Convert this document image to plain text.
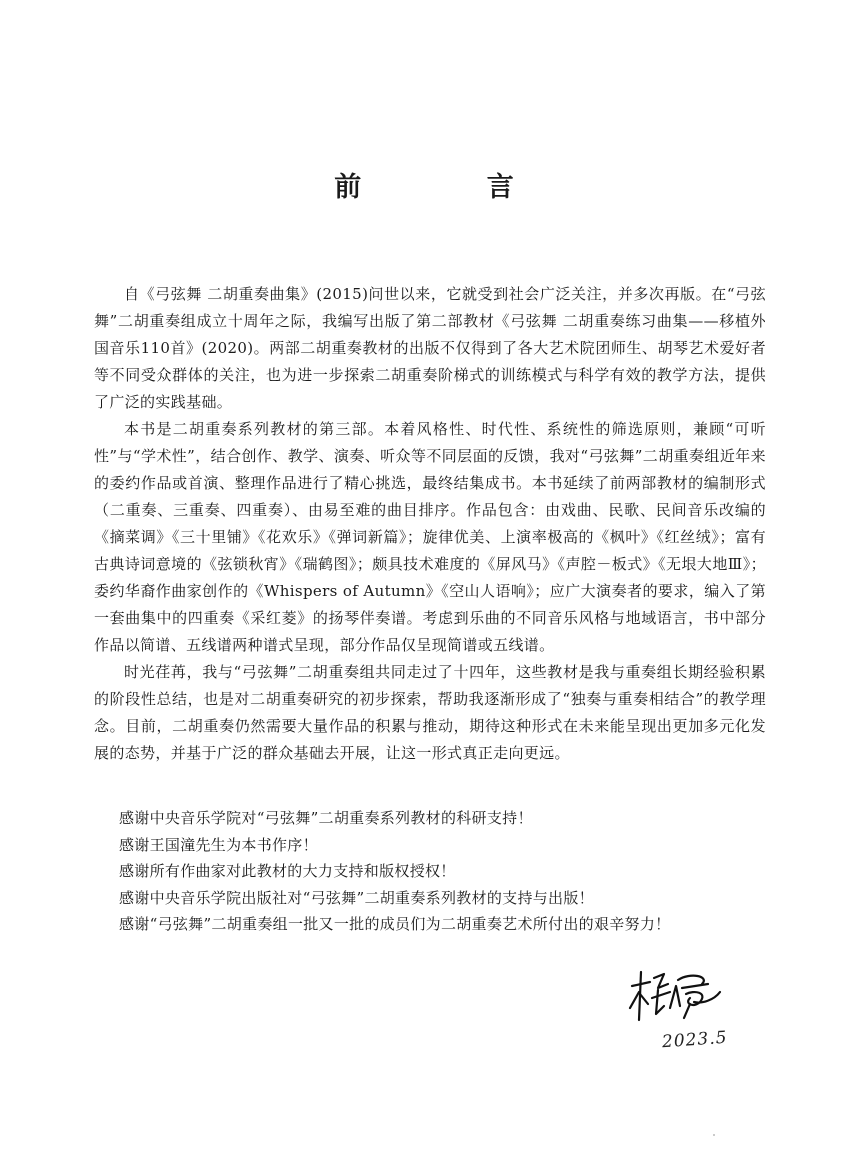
前 言

自《弓弦舞 二胡重奏曲集》(2015)问世以来，它就受到社会广泛关注，并多次再版。在“弓弦舞”二胡重奏组成立十周年之际，我编写出版了第二部教材《弓弦舞 二胡重奏练习曲集——移植外国音乐110首》(2020)。两部二胡重奏教材的出版不仅得到了各大艺术院团师生、胡琴艺术爱好者等不同受众群体的关注，也为进一步探索二胡重奏阶梯式的训练模式与科学有效的教学方法，提供了广泛的实践基础。

本书是二胡重奏系列教材的第三部。本着风格性、时代性、系统性的筛选原则，兼顾“可听性”与“学术性”，结合创作、教学、演奏、听众等不同层面的反馈，我对“弓弦舞”二胡重奏组近年来的委约作品或首演、整理作品进行了精心挑选，最终结集成书。本书延续了前两部教材的编制形式（二重奏、三重奏、四重奏）、由易至难的曲目排序。作品包含：由戏曲、民歌、民间音乐改编的《摘菜调》《三十里铺》《花欢乐》《弹词新篇》；旋律优美、上演率极高的《枫叶》《红丝绒》；富有古典诗词意境的《弦锁秋宵》《瑞鹤图》；颇具技术难度的《屏风马》《声腔－板式》《无垠大地Ⅲ》；委约华裔作曲家创作的《Whispers of Autumn》《空山人语响》；应广大演奏者的要求，编入了第一套曲集中的四重奏《采红菱》的扬琴伴奏谱。考虑到乐曲的不同音乐风格与地域语言，书中部分作品以简谱、五线谱两种谱式呈现，部分作品仅呈现简谱或五线谱。

时光荏苒，我与“弓弦舞”二胡重奏组共同走过了十四年，这些教材是我与重奏组长期经验积累的阶段性总结，也是对二胡重奏研究的初步探索，帮助我逐渐形成了“独奏与重奏相结合”的教学理念。目前，二胡重奏仍然需要大量作品的积累与推动，期待这种形式在未来能呈现出更加多元化发展的态势，并基于广泛的群众基础去开展，让这一形式真正走向更远。

感谢中央音乐学院对“弓弦舞”二胡重奏系列教材的科研支持！
感谢王国潼先生为本书作序！
感谢所有作曲家对此教材的大力支持和版权授权！
感谢中央音乐学院出版社对“弓弦舞”二胡重奏系列教材的支持与出版！
感谢“弓弦舞”二胡重奏组一批又一批的成员们为二胡重奏艺术所付出的艰辛努力！
2023.5
